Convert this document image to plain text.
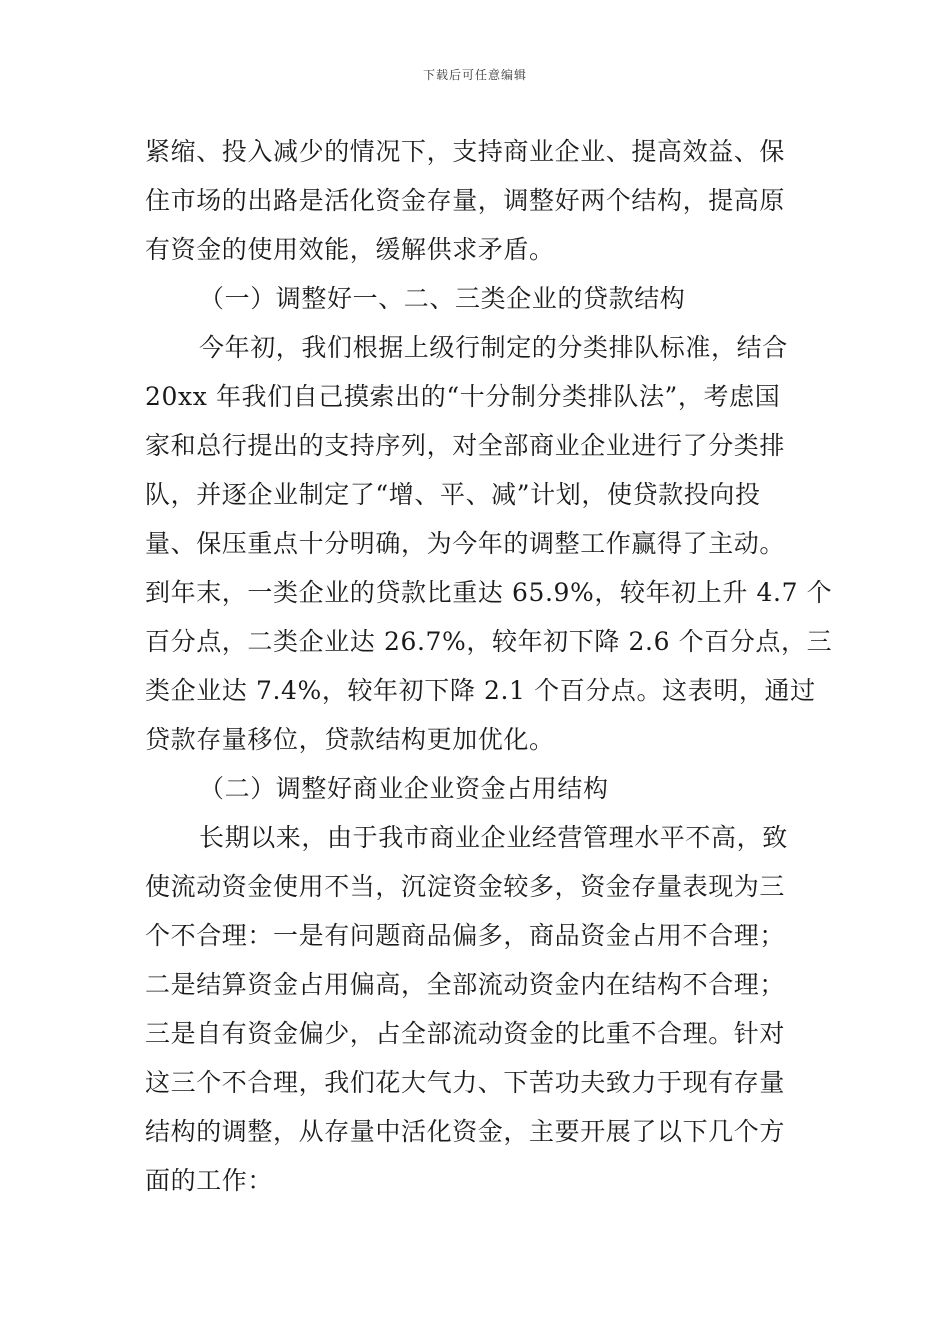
下载后可任意编辑
紧缩、投入减少的情况下，支持商业企业、提高效益、保
住市场的出路是活化资金存量，调整好两个结构，提高原
有资金的使用效能，缓解供求矛盾。
（一）调整好一、二、三类企业的贷款结构
今年初，我们根据上级行制定的分类排队标准，结合
20xx 年我们自己摸索出的“十分制分类排队法”，考虑国
家和总行提出的支持序列，对全部商业企业进行了分类排
队，并逐企业制定了“增、平、减”计划，使贷款投向投
量、保压重点十分明确，为今年的调整工作赢得了主动。
到年末，一类企业的贷款比重达 65.9%，较年初上升 4.7 个
百分点，二类企业达 26.7%，较年初下降 2.6 个百分点，三
类企业达 7.4%，较年初下降 2.1 个百分点。这表明，通过
贷款存量移位，贷款结构更加优化。
（二）调整好商业企业资金占用结构
长期以来，由于我市商业企业经营管理水平不高，致
使流动资金使用不当，沉淀资金较多，资金存量表现为三
个不合理：一是有问题商品偏多，商品资金占用不合理；
二是结算资金占用偏高，全部流动资金内在结构不合理；
三是自有资金偏少，占全部流动资金的比重不合理。针对
这三个不合理，我们花大气力、下苦功夫致力于现有存量
结构的调整，从存量中活化资金，主要开展了以下几个方
面的工作：
